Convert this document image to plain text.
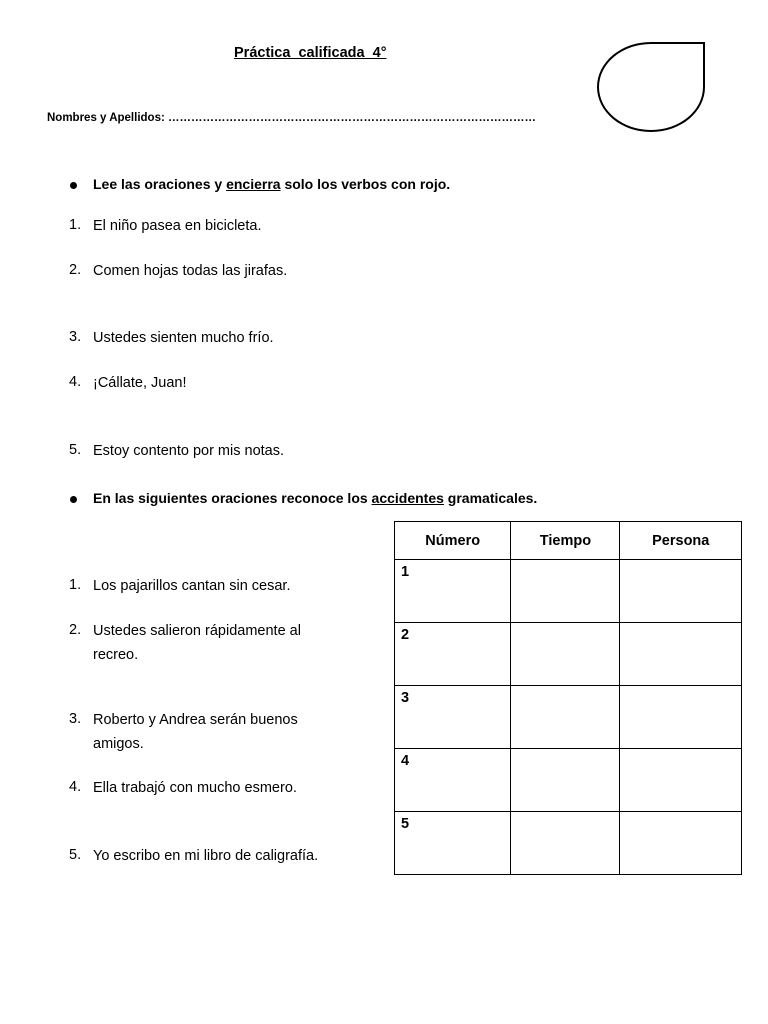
Práctica  calificada  4°
Nombres y Apellidos: ……………………………………………………………………………………
Lee las oraciones y encierra solo los verbos con rojo.
1. El niño pasea en bicicleta.
2. Comen hojas todas las jirafas.
3. Ustedes sienten mucho frío.
4. ¡Cállate, Juan!
5. Estoy contento por mis notas.
En las siguientes oraciones reconoce los accidentes gramaticales.
1. Los pajarillos cantan sin cesar.
2. Ustedes salieron rápidamente al recreo.
3. Roberto y Andrea serán buenos amigos.
4. Ella trabajó con mucho esmero.
5. Yo escribo en mi libro de caligrafía.
Número	Tiempo	Persona
1		
2		
3		
4		
5		
